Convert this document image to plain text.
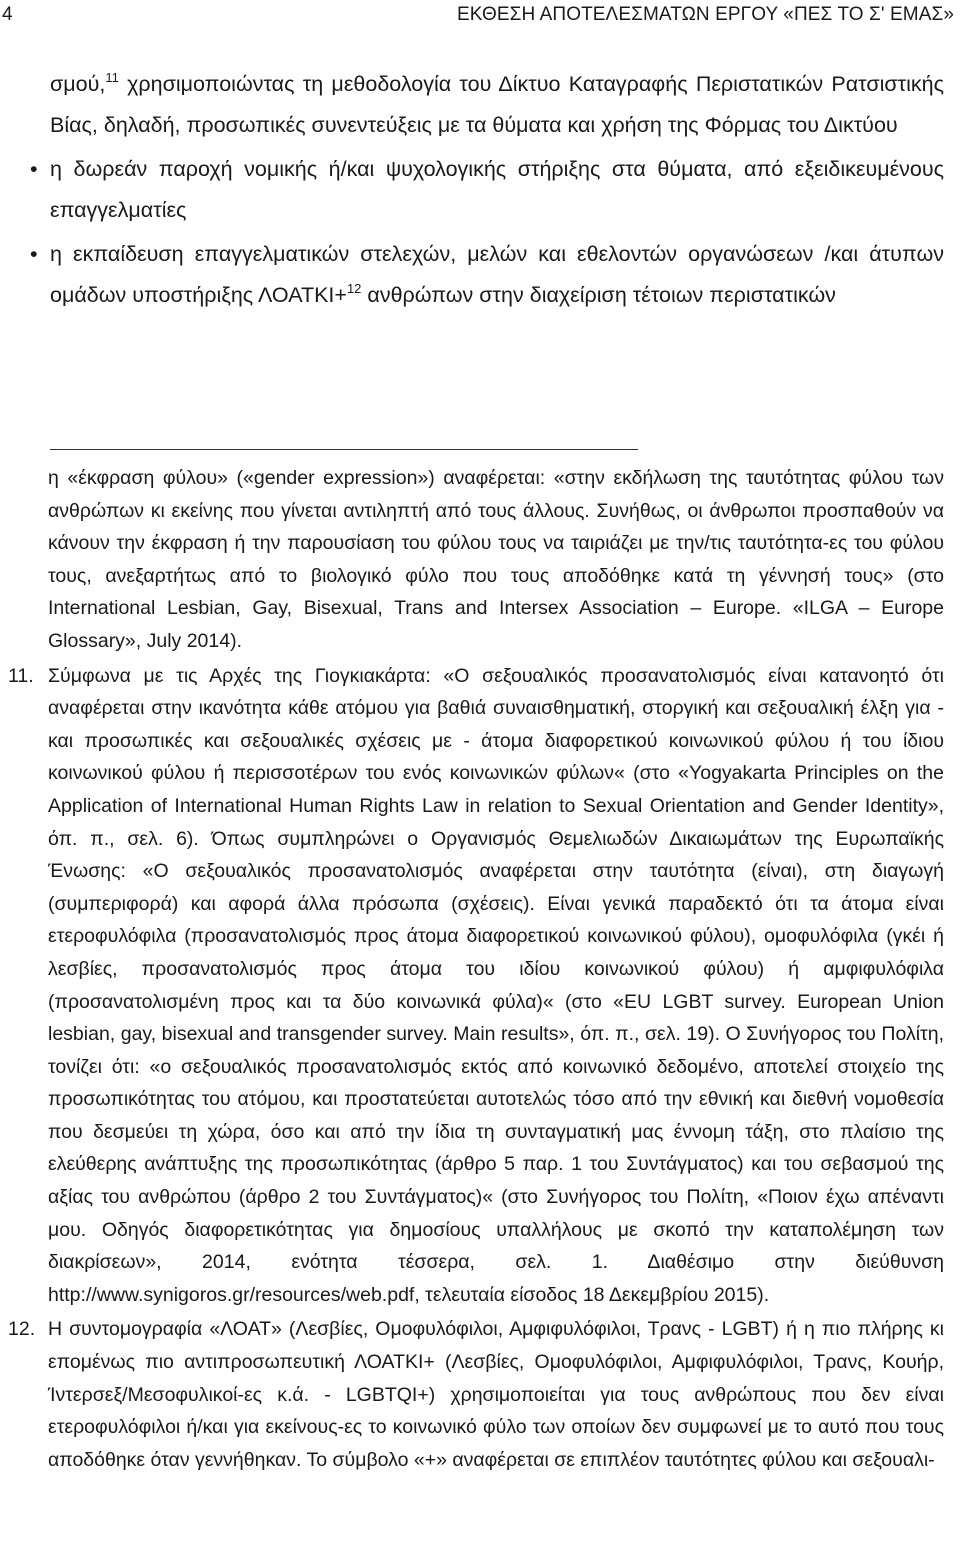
4	ΕΚΘΕΣΗ ΑΠΟΤΕΛΕΣΜΑΤΩΝ ΕΡΓΟΥ «ΠΕΣ ΤΟ Σ' ΕΜΑΣ»

σμού,$^{11}$ χρησιμοποιώντας τη μεθοδολογία του Δίκτυο Καταγραφής Περιστατικών Ρατσιστικής Βίας, δηλαδή, προσωπικές συνεντεύξεις με τα θύματα και χρήση της Φόρμας του Δικτύου

• η δωρεάν παροχή νομικής ή/και ψυχολογικής στήριξης στα θύματα, από εξειδικευμένους επαγγελματίες
• η εκπαίδευση επαγγελματικών στελεχών, μελών και εθελοντών οργανώσεων /και άτυπων ομάδων υποστήριξης ΛΟΑΤΚΙ+$^{12}$ ανθρώπων στην διαχείριση τέτοιων περιστατικών

η «έκφραση φύλου» («gender expression») αναφέρεται: «στην εκδήλωση της ταυτότητας φύλου των ανθρώπων κι εκείνης που γίνεται αντιληπτή από τους άλλους. Συνήθως, οι άνθρωποι προσπαθούν να κάνουν την έκφραση ή την παρουσίαση του φύλου τους να ταιριάζει με την/τις ταυτότητα-ες του φύλου τους, ανεξαρτήτως από το βιολογικό φύλο που τους αποδόθηκε κατά τη γέννησή τους» (στο International Lesbian, Gay, Bisexual, Trans and Intersex Association – Europe. «ILGA – Europe Glossary», July 2014).

11. Σύμφωνα με τις Αρχές της Γιογκιακάρτα: «Ο σεξουαλικός προσανατολισμός είναι κατανοητό ότι αναφέρεται στην ικανότητα κάθε ατόμου για βαθιά συναισθηματική, στοργική και σεξουαλική έλξη για - και προσωπικές και σεξουαλικές σχέσεις με - άτομα διαφορετικού κοινωνικού φύλου ή του ίδιου κοινωνικού φύλου ή περισσοτέρων του ενός κοινωνικών φύλων« (στο «Yogyakarta Principles on the Application of International Human Rights Law in relation to Sexual Orientation and Gender Identity», όπ. π., σελ. 6). Όπως συμπληρώνει ο Οργανισμός Θεμελιωδών Δικαιωμάτων της Ευρωπαϊκής Ένωσης: «Ο σεξουαλικός προσανατολισμός αναφέρεται στην ταυτότητα (είναι), στη διαγωγή (συμπεριφορά) και αφορά άλλα πρόσωπα (σχέσεις). Είναι γενικά παραδεκτό ότι τα άτομα είναι ετεροφυλόφιλα (προσανατολισμός προς άτομα διαφορετικού κοινωνικού φύλου), ομοφυλόφιλα (γκέι ή λεσβίες, προσανατολισμός προς άτομα του ιδίου κοινωνικού φύλου) ή αμφιφυλόφιλα (προσανατολισμένη προς και τα δύο κοινωνικά φύλα)« (στο «EU LGBT survey. European Union lesbian, gay, bisexual and transgender survey. Main results», όπ. π., σελ. 19). Ο Συνήγορος του Πολίτη, τονίζει ότι: «ο σεξουαλικός προσανατολισμός εκτός από κοινωνικό δεδομένο, αποτελεί στοιχείο της προσωπικότητας του ατόμου, και προστατεύεται αυτοτελώς τόσο από την εθνική και διεθνή νομοθεσία που δεσμεύει τη χώρα, όσο και από την ίδια τη συνταγματική μας έννομη τάξη, στο πλαίσιο της ελεύθερης ανάπτυξης της προσωπικότητας (άρθρο 5 παρ. 1 του Συντάγματος) και του σεβασμού της αξίας του ανθρώπου (άρθρο 2 του Συντάγματος)« (στο Συνήγορος του Πολίτη, «Ποιον έχω απέναντι μου. Οδηγός διαφορετικότητας για δημοσίους υπαλλήλους με σκοπό την καταπολέμηση των διακρίσεων», 2014, ενότητα τέσσερα, σελ. 1. Διαθέσιμο στην διεύθυνση http://www.synigoros.gr/resources/web.pdf, τελευταία είσοδος 18 Δεκεμβρίου 2015).

12. Η συντομογραφία «ΛΟΑΤ» (Λεσβίες, Ομοφυλόφιλοι, Αμφιφυλόφιλοι, Τρανς - LGBT) ή η πιο πλήρης κι επομένως πιο αντιπροσωπευτική ΛΟΑΤΚΙ+ (Λεσβίες, Ομοφυλόφιλοι, Αμφιφυλόφιλοι, Τρανς, Κουήρ, Ίντερσεξ/Μεσοφυλικοί-ες κ.ά. - LGBTQI+) χρησιμοποιείται για τους ανθρώπους που δεν είναι ετεροφυλόφιλοι ή/και για εκείνους-ες το κοινωνικό φύλο των οποίων δεν συμφωνεί με το αυτό που τους αποδόθηκε όταν γεννήθηκαν. Το σύμβολο «+» αναφέρεται σε επιπλέον ταυτότητες φύλου και σεξουαλι-
